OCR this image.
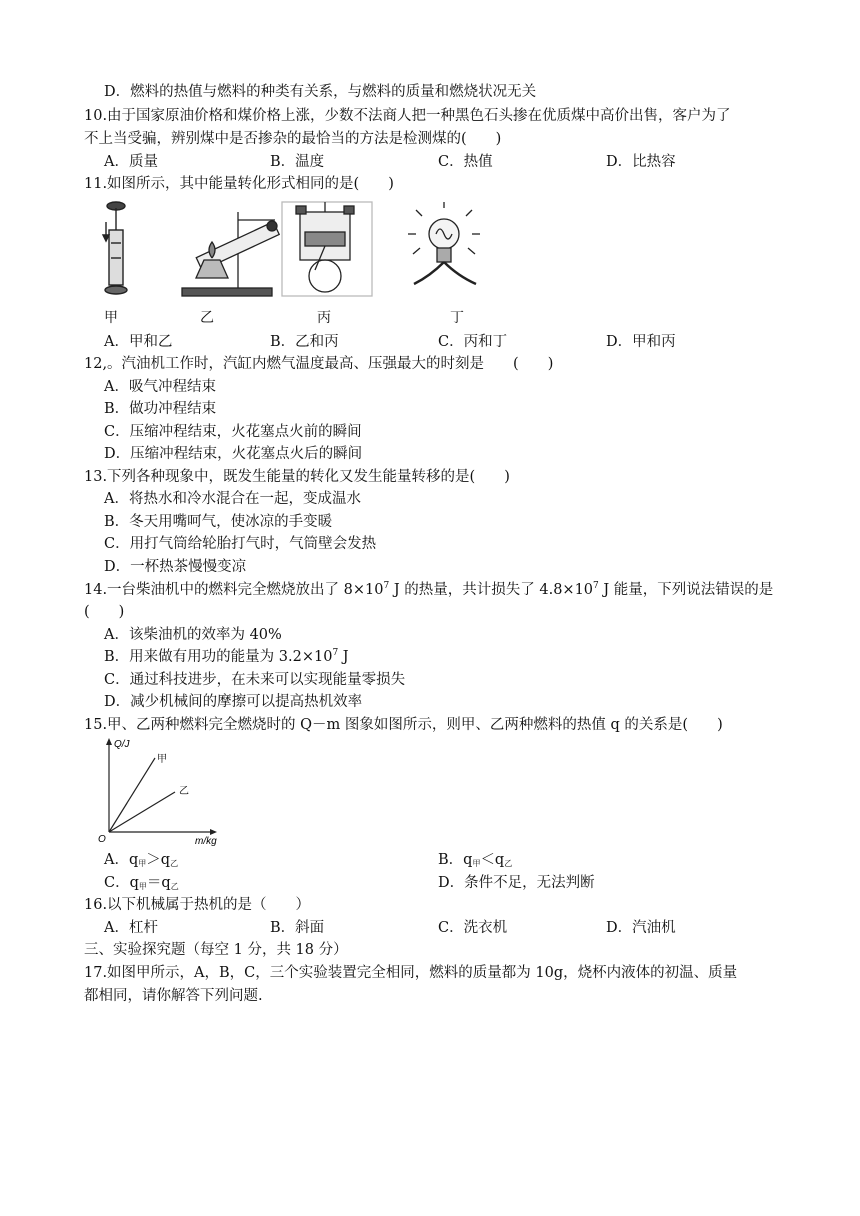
D．燃料的热值与燃料的种类有关系，与燃料的质量和燃烧状况无关
10.由于国家原油价格和煤价格上涨，少数不法商人把一种黑色石头掺在优质煤中高价出售，客户为了
不上当受骗，辨别煤中是否掺杂的最恰当的方法是检测煤的(　　)
A．质量	B．温度	C．热值	D．比热容
11.如图所示，其中能量转化形式相同的是(　　)
甲	乙	丙	丁
A．甲和乙	B．乙和丙	C．丙和丁	D．甲和丙
12,。汽油机工作时，汽缸内燃气温度最高、压强最大的时刻是　　(　　)
A．吸气冲程结束
B．做功冲程结束
C．压缩冲程结束，火花塞点火前的瞬间
D．压缩冲程结束，火花塞点火后的瞬间
13.下列各种现象中，既发生能量的转化又发生能量转移的是(　　)
A．将热水和冷水混合在一起，变成温水
B．冬天用嘴呵气，使冰凉的手变暖
C．用打气筒给轮胎打气时，气筒壁会发热
D．一杯热茶慢慢变凉
14.一台柴油机中的燃料完全燃烧放出了 $8\times 10^7$ J 的热量，共计损失了 $4.8\times 10^7$ J 能量，下列说法错误的是
(　　)
A．该柴油机的效率为 40%
B．用来做有用功的能量为 $3.2\times 10^7$ J
C．通过科技进步，在未来可以实现能量零损失
D．减少机械间的摩擦可以提高热机效率
15.甲、乙两种燃料完全燃烧时的 Q－m 图象如图所示，则甲、乙两种燃料的热值 q 的关系是(　　)
Q/J
m/kg
O
甲
乙
A．$q_甲>q_乙$	B．$q_甲<q_乙$
C．$q_甲=q_乙$	D．条件不足，无法判断
16.以下机械属于热机的是（　　）
A．杠杆	B．斜面	C．洗衣机	D．汽油机
三、实验探究题（每空 1 分，共 18 分）
17.如图甲所示，A，B，C，三个实验装置完全相同，燃料的质量都为 10g，烧杯内液体的初温、质量
都相同，请你解答下列问题.
